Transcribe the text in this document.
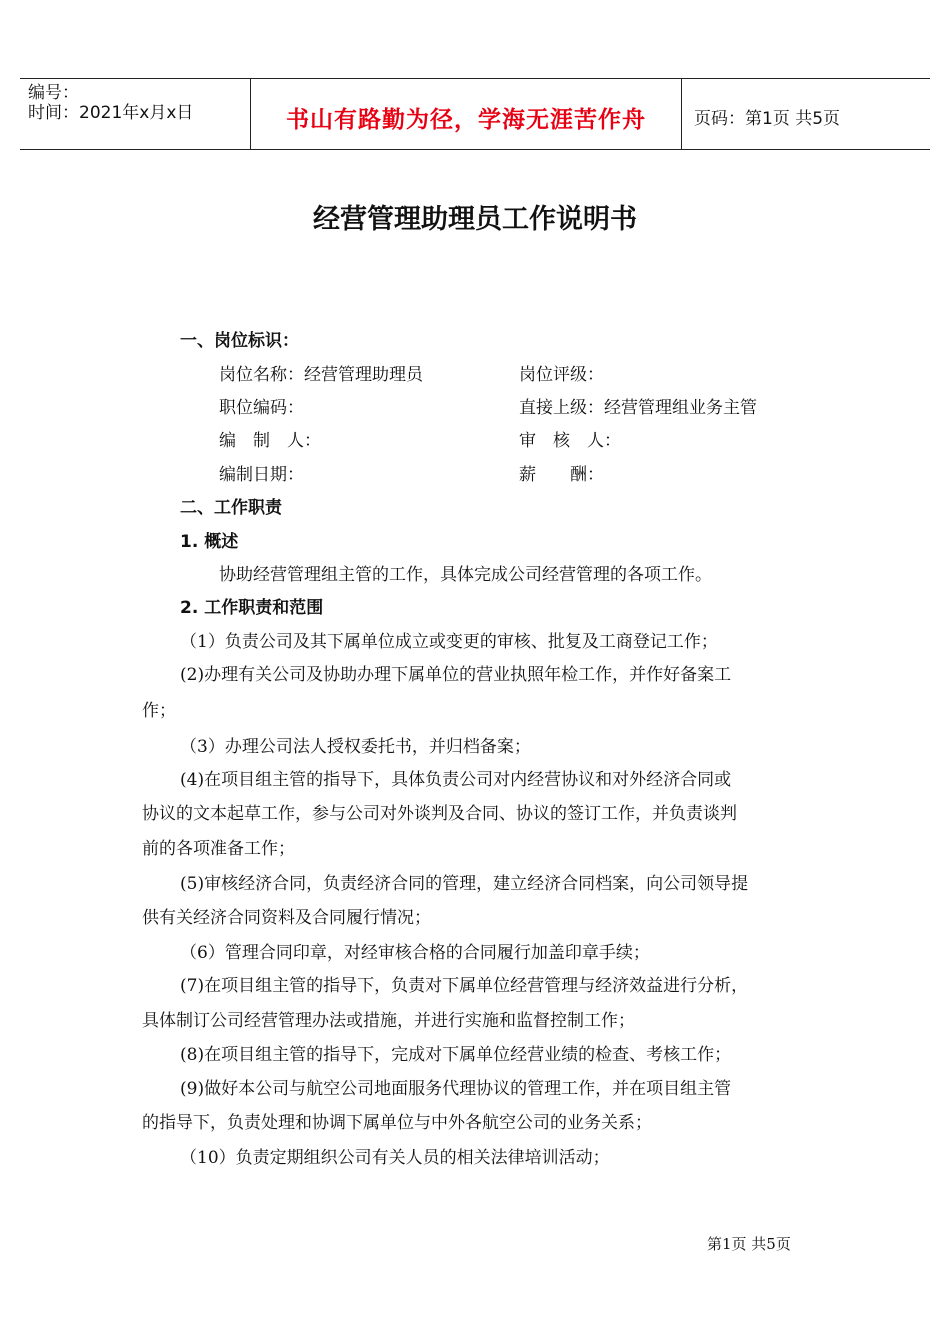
编号：
时间：2021年x月x日	书山有路勤为径，学海无涯苦作舟	页码：第1页 共5页
经营管理助理员工作说明书
一、岗位标识：
岗位名称：经营管理助理员	岗位评级：
职位编码：	直接上级：经营管理组业务主管
编　制　人：	审　核　人：
编制日期：	薪　　酬：
二、工作职责
1. 概述
协助经营管理组主管的工作，具体完成公司经营管理的各项工作。
2. 工作职责和范围
（1）负责公司及其下属单位成立或变更的审核、批复及工商登记工作；
(2)办理有关公司及协助办理下属单位的营业执照年检工作，并作好备案工
作；
（3）办理公司法人授权委托书，并归档备案；
(4)在项目组主管的指导下，具体负责公司对内经营协议和对外经济合同或
协议的文本起草工作，参与公司对外谈判及合同、协议的签订工作，并负责谈判
前的各项准备工作；
(5)审核经济合同，负责经济合同的管理，建立经济合同档案，向公司领导提
供有关经济合同资料及合同履行情况；
（6）管理合同印章，对经审核合格的合同履行加盖印章手续；
(7)在项目组主管的指导下，负责对下属单位经营管理与经济效益进行分析，
具体制订公司经营管理办法或措施，并进行实施和监督控制工作；
(8)在项目组主管的指导下，完成对下属单位经营业绩的检查、考核工作；
(9)做好本公司与航空公司地面服务代理协议的管理工作，并在项目组主管
的指导下，负责处理和协调下属单位与中外各航空公司的业务关系；
（10）负责定期组织公司有关人员的相关法律培训活动；
第1页 共5页
